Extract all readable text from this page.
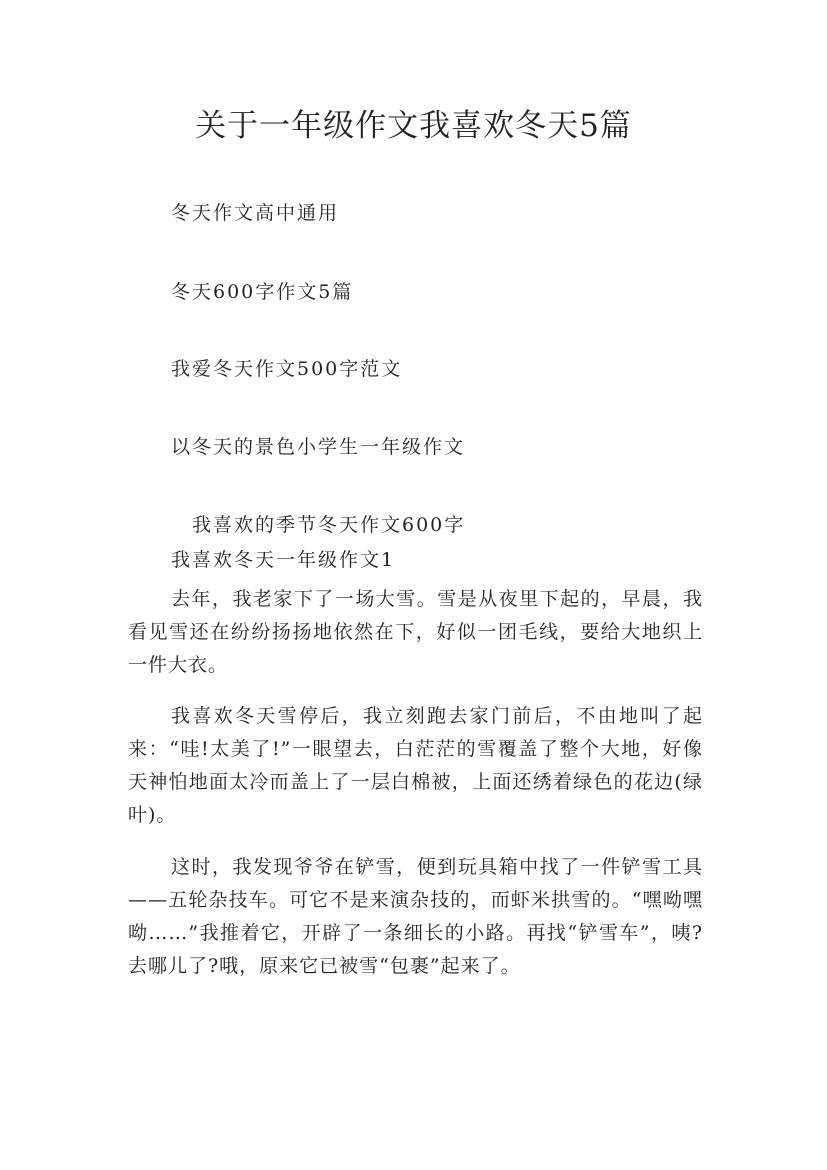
关于一年级作文我喜欢冬天5篇

冬天作文高中通用

冬天600字作文5篇

我爱冬天作文500字范文

以冬天的景色小学生一年级作文

我喜欢的季节冬天作文600字

我喜欢冬天一年级作文1

去年，我老家下了一场大雪。雪是从夜里下起的，早晨，我看见雪还在纷纷扬扬地依然在下，好似一团毛线，要给大地织上一件大衣。

我喜欢冬天雪停后，我立刻跑去家门前后，不由地叫了起来：“哇!太美了!”一眼望去，白茫茫的雪覆盖了整个大地，好像天神怕地面太冷而盖上了一层白棉被，上面还绣着绿色的花边(绿叶)。

这时，我发现爷爷在铲雪，便到玩具箱中找了一件铲雪工具——五轮杂技车。可它不是来演杂技的，而虾米拱雪的。“嘿呦嘿呦……”我推着它，开辟了一条细长的小路。再找“铲雪车”，咦?去哪儿了?哦，原来它已被雪“包裹”起来了。
